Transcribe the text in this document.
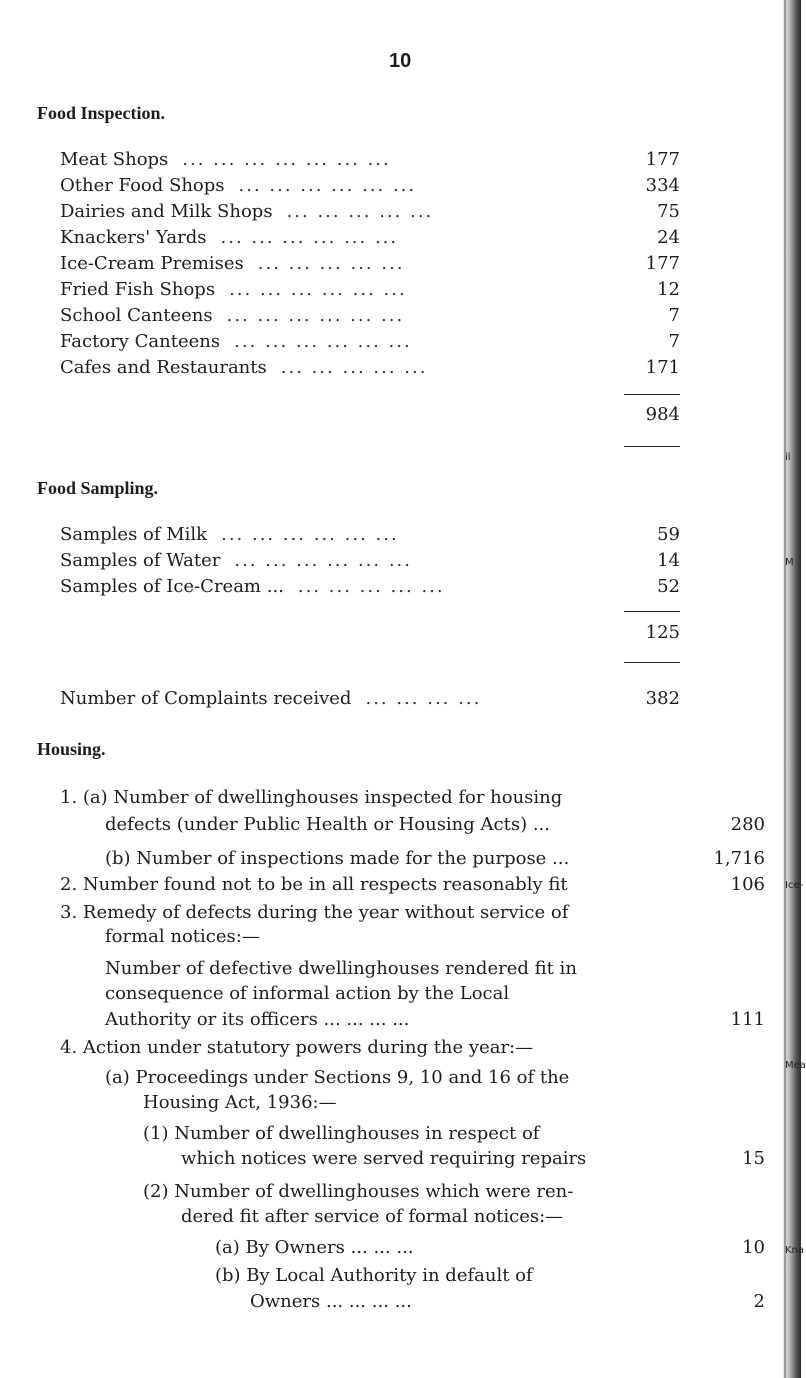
10
Food Inspection.
Meat Shops	177
... ... ... ... ... ... ...
Other Food Shops	334
... ... ... ... ... ...
Dairies and Milk Shops	75
... ... ... ... ...
Knackers' Yards	24
... ... ... ... ... ...
Ice-Cream Premises	177
... ... ... ... ...
Fried Fish Shops	12
... ... ... ... ... ...
School Canteens	7
... ... ... ... ... ...
Factory Canteens	7
... ... ... ... ... ...
Cafes and Restaurants	171
... ... ... ... ...
984
Food Sampling.
Samples of Milk	59
... ... ... ... ... ...
Samples of Water	14
... ... ... ... ... ...
Samples of Ice-Cream ...	52
... ... ... ... ...
125
Number of Complaints received	382
... ... ... ...
Housing.
1. (a) Number of dwellinghouses inspected for housing
defects (under Public Health or Housing Acts) ...	280
(b) Number of inspections made for the purpose ...	1,716
2. Number found not to be in all respects reasonably fit	106
3. Remedy of defects during the year without service of
formal notices:—
Number of defective dwellinghouses rendered fit in
consequence of informal action by the Local
Authority or its officers ... ... ... ...	111
4. Action under statutory powers during the year:—
(a) Proceedings under Sections 9, 10 and 16 of the
Housing Act, 1936:—
(1) Number of dwellinghouses in respect of
which notices were served requiring repairs	15
(2) Number of dwellinghouses which were ren-
dered fit after service of formal notices:—
(a) By Owners ... ... ...	10
(b) By Local Authority in default of
Owners ... ... ... ...	2
il
M
Ice-
Mea
Kna
